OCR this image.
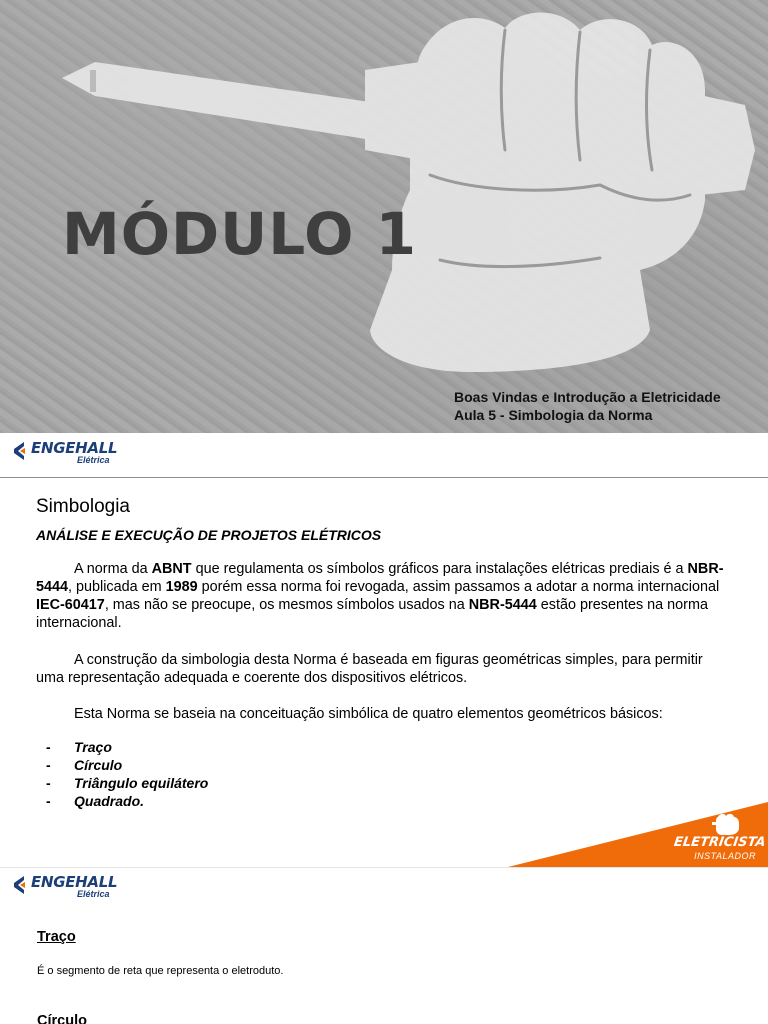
MÓDULO 1
Boas Vindas e Introdução a Eletricidade
Aula 5 - Simbologia da Norma
ENGEHALL
Elétrica
Simbologia
ANÁLISE E EXECUÇÃO DE PROJETOS ELÉTRICOS

A norma da ABNT que regulamenta os símbolos gráficos para instalações elétricas prediais é a NBR-5444, publicada em 1989 porém essa norma foi revogada, assim passamos a adotar a norma internacional IEC-60417, mas não se preocupe, os mesmos símbolos usados na NBR-5444 estão presentes na norma internacional.

A construção da simbologia desta Norma é baseada em figuras geométricas simples, para permitir uma representação adequada e coerente dos dispositivos elétricos.

Esta Norma se baseia na conceituação simbólica de quatro elementos geométricos básicos:

-	Traço
-	Círculo
-	Triângulo equilátero
-	Quadrado.
ELETRICISTA
INSTALADOR
ENGEHALL
Elétrica
Traço
É o segmento de reta que representa o eletroduto.
Círculo
